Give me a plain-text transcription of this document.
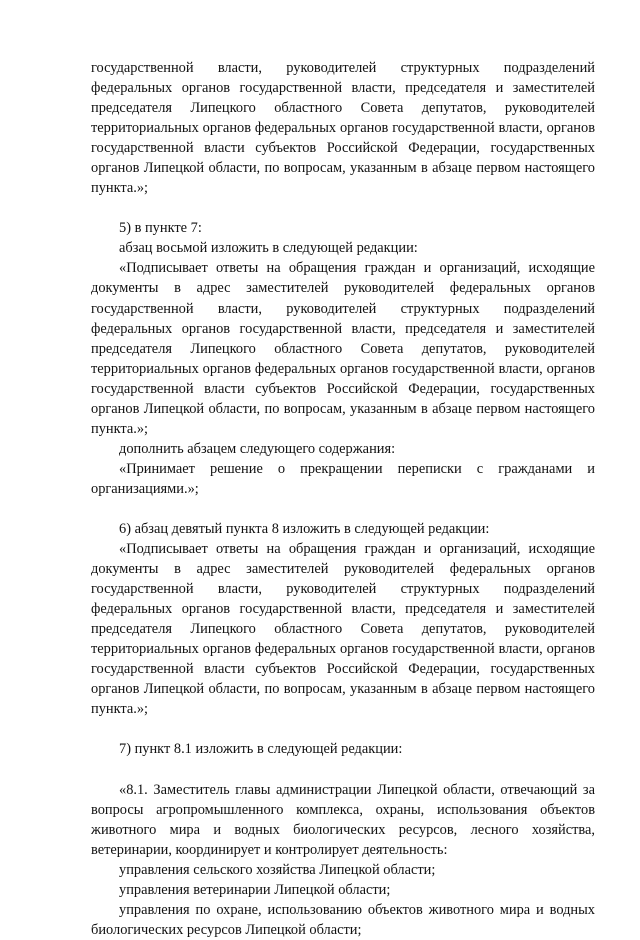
государственной власти, руководителей структурных подразделений федеральных органов государственной власти, председателя и заместителей председателя Липецкого областного Совета депутатов, руководителей территориальных органов федеральных органов государственной власти, органов государственной власти субъектов Российской Федерации, государственных органов Липецкой области, по вопросам, указанным в абзаце первом настоящего пункта.»;

5) в пункте 7:

абзац восьмой изложить в следующей редакции:

«Подписывает ответы на обращения граждан и организаций, исходящие документы в адрес заместителей руководителей федеральных органов государственной власти, руководителей структурных подразделений федеральных органов государственной власти, председателя и заместителей председателя Липецкого областного Совета депутатов, руководителей территориальных органов федеральных органов государственной власти, органов государственной власти субъектов Российской Федерации, государственных органов Липецкой области, по вопросам, указанным в абзаце первом настоящего пункта.»;

дополнить абзацем следующего содержания:

«Принимает решение о прекращении переписки с гражданами и организациями.»;

6) абзац девятый пункта 8 изложить в следующей редакции:

«Подписывает ответы на обращения граждан и организаций, исходящие документы в адрес заместителей руководителей федеральных органов государственной власти, руководителей структурных подразделений федеральных органов государственной власти, председателя и заместителей председателя Липецкого областного Совета депутатов, руководителей территориальных органов федеральных органов государственной власти, органов государственной власти субъектов Российской Федерации, государственных органов Липецкой области, по вопросам, указанным в абзаце первом настоящего пункта.»;

7) пункт 8.1 изложить в следующей редакции:

«8.1. Заместитель главы администрации Липецкой области, отвечающий за вопросы агропромышленного комплекса, охраны, использования объектов животного мира и водных биологических ресурсов, лесного хозяйства, ветеринарии, координирует и контролирует деятельность:

управления сельского хозяйства Липецкой области;

управления ветеринарии Липецкой области;

управления по охране, использованию объектов животного мира и водных биологических ресурсов Липецкой области;
